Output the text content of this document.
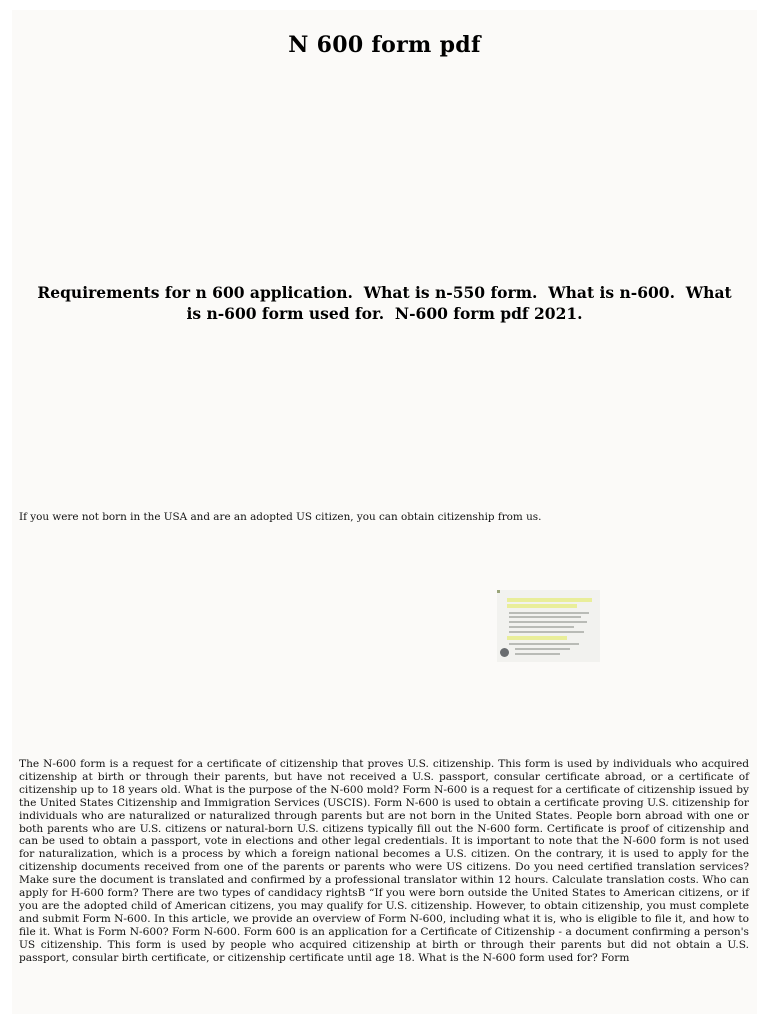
N 600 form pdf
Requirements for n 600 application.  What is n-550 form.  What is n-600.  What is n-600 form used for.  N-600 form pdf 2021.
If you were not born in the USA and are an adopted US citizen, you can obtain citizenship from us.
The N-600 form is a request for a certificate of citizenship that proves U.S. citizenship. This form is used by individuals who acquired citizenship at birth or through their parents, but have not received a U.S. passport, consular certificate abroad, or a certificate of citizenship up to 18 years old. What is the purpose of the N-600 mold? Form N-600 is a request for a certificate of citizenship issued by the United States Citizenship and Immigration Services (USCIS). Form N-600 is used to obtain a certificate proving U.S. citizenship for individuals who are naturalized or naturalized through parents but are not born in the United States. People born abroad with one or both parents who are U.S. citizens or natural-born U.S. citizens typically fill out the N-600 form. Certificate is proof of citizenship and can be used to obtain a passport, vote in elections and other legal credentials. It is important to note that the N-600 form is not used for naturalization, which is a process by which a foreign national becomes a U.S. citizen. On the contrary, it is used to apply for the citizenship documents received from one of the parents or parents who were US citizens. Do you need certified translation services? Make sure the document is translated and confirmed by a professional translator within 12 hours. Calculate translation costs. Who can apply for H-600 form? There are two types of candidacy rightsB “If you were born outside the United States to American citizens, or if you are the adopted child of American citizens, you may qualify for U.S. citizenship. However, to obtain citizenship, you must complete and submit Form N-600. In this article, we provide an overview of Form N-600, including what it is, who is eligible to file it, and how to file it. What is Form N-600? Form N-600. Form 600 is an application for a Certificate of Citizenship - a document confirming a person's US citizenship. This form is used by people who acquired citizenship at birth or through their parents but did not obtain a U.S. passport, consular birth certificate, or citizenship certificate until age 18. What is the N-600 form used for? Form
